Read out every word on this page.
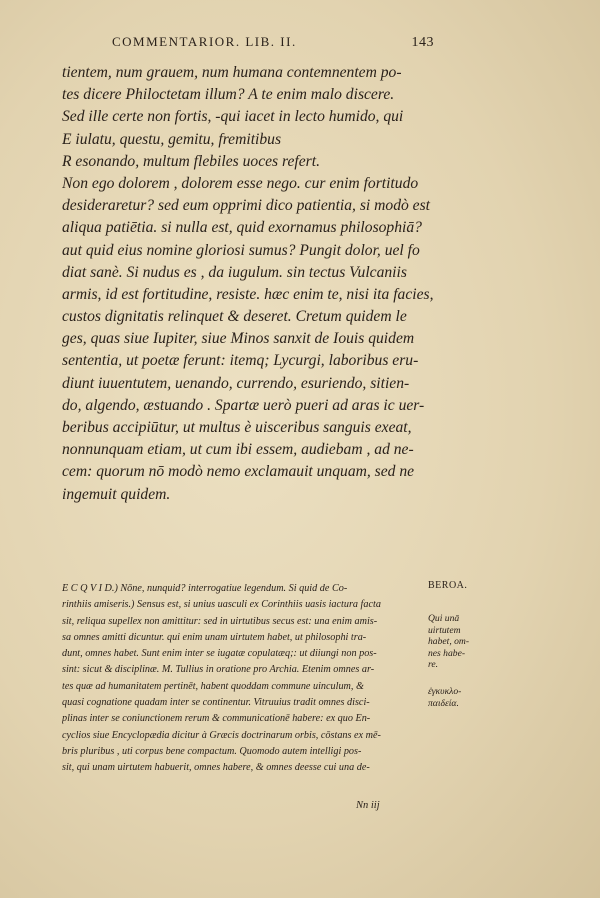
COMMENTARIOR. LIB. II.	143
tientem, num grauem, num humana contemnentem po-
tes dicere Philoctetam illum? A te enim malo discere.
Sed ille certe non fortis, -qui iacet in lecto humido, qui
E iulatu, questu, gemitu, fremitibus
R esonando, multum flebiles uoces refert.
Non ego dolorem , dolorem esse nego. cur enim fortitudo
desideraretur? sed eum opprimi dico patientia, si modò est
aliqua patiētia. si nulla est, quid exornamus philosophiā?
aut quid eius nomine gloriosi sumus? Pungit dolor, uel fo
diat sanè. Si nudus es , da iugulum. sin tectus Vulcaniis
armis, id est fortitudine, resiste. hæc enim te, nisi ita facies,
custos dignitatis relinquet & deseret. Cretum quidem le
ges, quas siue Iupiter, siue Minos sanxit de Iouis quidem
sententia, ut poetæ ferunt: itemq; Lycurgi, laboribus eru-
diunt iuuentutem, uenando, currendo, esuriendo, sitien-
do, algendo, æstuando . Spartæ uerò pueri ad aras ic uer-
beribus accipiūtur, ut multus è uisceribus sanguis exeat,
nonnunquam etiam, ut cum ibi essem, audiebam , ad ne-
cem: quorum nō modò nemo exclamauit unquam, sed ne
ingemuit quidem.
E C Q V I D.) Nōne, nunquid? interrogatiue legendum. Si quid de Co-
rinthiis amiseris.) Sensus est, si unius uasculi ex Corinthiis uasis iactura facta
sit, reliqua supellex non amittitur: sed in uirtutibus secus est: una enim amis-
sa omnes amitti dicuntur. qui enim unam uirtutem habet, ut philosophi tra-
dunt, omnes habet. Sunt enim inter se iugatæ copulatæq;: ut diiungi non pos-
sint: sicut & disciplinæ. M. Tullius in oratione pro Archia. Etenim omnes ar-
tes quæ ad humanitatem pertinēt, habent quoddam commune uinculum, &
quasi cognatione quadam inter se continentur. Vitruuius tradit omnes disci-
plinas inter se coniunctionem rerum & communicationē habere: ex quo En-
cyclios siue Encyclopædia dicitur à Græcis doctrinarum orbis, cōstans ex mē-
bris pluribus , uti corpus bene compactum. Quomodo autem intelligi pos-
sit, qui unam uirtutem habuerit, omnes habere, & omnes deesse cui una de-
BEROA.
Qui unā
uirtutem
habet, om-
nes habe-
re.
ἐγκυκλο-
παιδεία.
Nn iij
